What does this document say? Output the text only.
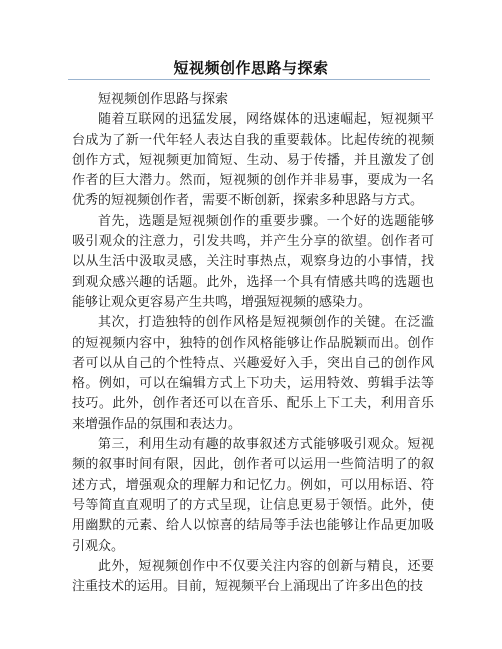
短视频创作思路与探索

短视频创作思路与探索

随着互联网的迅猛发展，网络媒体的迅速崛起，短视频平台成为了新一代年轻人表达自我的重要载体。比起传统的视频创作方式，短视频更加简短、生动、易于传播，并且激发了创作者的巨大潜力。然而，短视频的创作并非易事，要成为一名优秀的短视频创作者，需要不断创新，探索多种思路与方式。

首先，选题是短视频创作的重要步骤。一个好的选题能够吸引观众的注意力，引发共鸣，并产生分享的欲望。创作者可以从生活中汲取灵感，关注时事热点，观察身边的小事情，找到观众感兴趣的话题。此外，选择一个具有情感共鸣的选题也能够让观众更容易产生共鸣，增强短视频的感染力。

其次，打造独特的创作风格是短视频创作的关键。在泛滥的短视频内容中，独特的创作风格能够让作品脱颖而出。创作者可以从自己的个性特点、兴趣爱好入手，突出自己的创作风格。例如，可以在编辑方式上下功夫，运用特效、剪辑手法等技巧。此外，创作者还可以在音乐、配乐上下工夫，利用音乐来增强作品的氛围和表达力。

第三，利用生动有趣的故事叙述方式能够吸引观众。短视频的叙事时间有限，因此，创作者可以运用一些简洁明了的叙述方式，增强观众的理解力和记忆力。例如，可以用标语、符号等简直直观明了的方式呈现，让信息更易于领悟。此外，使用幽默的元素、给人以惊喜的结局等手法也能够让作品更加吸引观众。

此外，短视频创作中不仅要关注内容的创新与精良，还要注重技术的运用。目前，短视频平台上涌现出了许多出色的技
